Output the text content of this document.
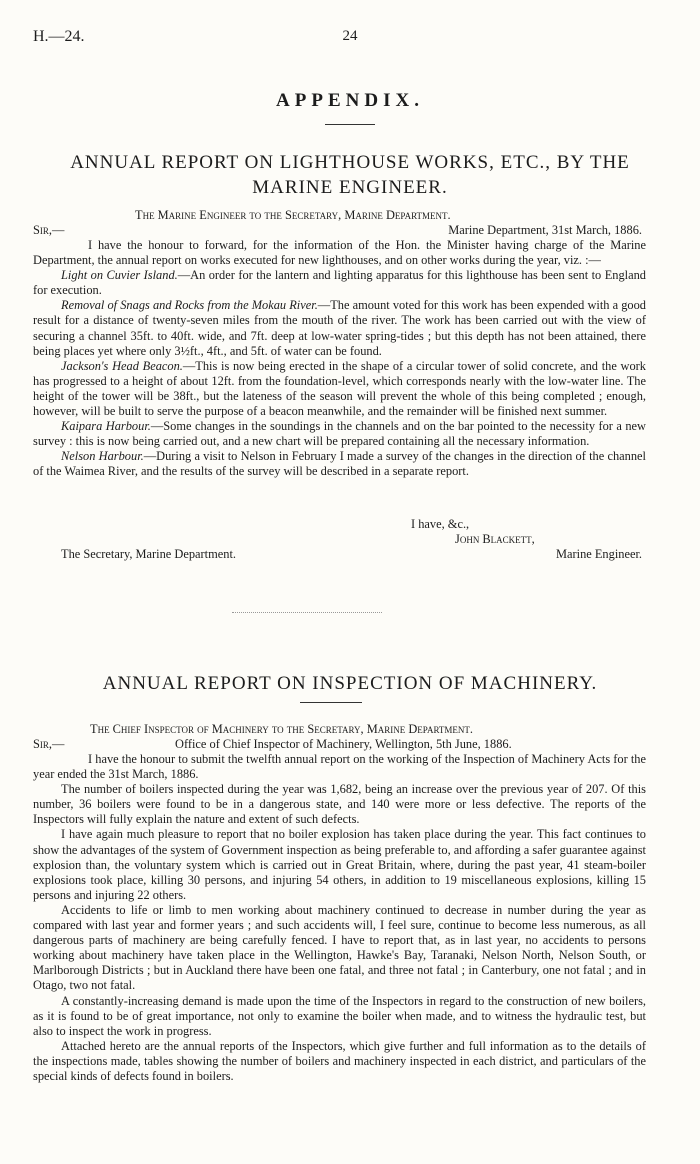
H.—24.	24
APPENDIX.
ANNUAL REPORT ON LIGHTHOUSE WORKS, ETC., BY THE
MARINE ENGINEER.
The Marine Engineer to the Secretary, Marine Department.
Sir,—	Marine Department, 31st March, 1886.

I have the honour to forward, for the information of the Hon. the Minister having charge of the Marine Department, the annual report on works executed for new lighthouses, and on other works during the year, viz. :—

Light on Cuvier Island.—An order for the lantern and lighting apparatus for this lighthouse has been sent to England for execution.

Removal of Snags and Rocks from the Mokau River.—The amount voted for this work has been expended with a good result for a distance of twenty-seven miles from the mouth of the river. The work has been carried out with the view of securing a channel 35ft. to 40ft. wide, and 7ft. deep at low-water spring-tides ; but this depth has not been attained, there being places yet where only 3½ft., 4ft., and 5ft. of water can be found.

Jackson's Head Beacon.—This is now being erected in the shape of a circular tower of solid concrete, and the work has progressed to a height of about 12ft. from the foundation-level, which corresponds nearly with the low-water line. The height of the tower will be 38ft., but the lateness of the season will prevent the whole of this being completed ; enough, however, will be built to serve the purpose of a beacon meanwhile, and the remainder will be finished next summer.

Kaipara Harbour.—Some changes in the soundings in the channels and on the bar pointed to the necessity for a new survey : this is now being carried out, and a new chart will be prepared containing all the necessary information.

Nelson Harbour.—During a visit to Nelson in February I made a survey of the changes in the direction of the channel of the Waimea River, and the results of the survey will be described in a separate report.

I have, &c.,
John Blackett,
The Secretary, Marine Department.	Marine Engineer.
ANNUAL REPORT ON INSPECTION OF MACHINERY.
The Chief Inspector of Machinery to the Secretary, Marine Department.
Sir,—	Office of Chief Inspector of Machinery, Wellington, 5th June, 1886.

I have the honour to submit the twelfth annual report on the working of the Inspection of Machinery Acts for the year ended the 31st March, 1886.

The number of boilers inspected during the year was 1,682, being an increase over the previous year of 207. Of this number, 36 boilers were found to be in a dangerous state, and 140 were more or less defective. The reports of the Inspectors will fully explain the nature and extent of such defects.

I have again much pleasure to report that no boiler explosion has taken place during the year. This fact continues to show the advantages of the system of Government inspection as being preferable to, and affording a safer guarantee against explosion than, the voluntary system which is carried out in Great Britain, where, during the past year, 41 steam-boiler explosions took place, killing 30 persons, and injuring 54 others, in addition to 19 miscellaneous explosions, killing 15 persons and injuring 22 others.

Accidents to life or limb to men working about machinery continued to decrease in number during the year as compared with last year and former years ; and such accidents will, I feel sure, continue to become less numerous, as all dangerous parts of machinery are being carefully fenced. I have to report that, as in last year, no accidents to persons working about machinery have taken place in the Wellington, Hawke's Bay, Taranaki, Nelson North, Nelson South, or Marlborough Districts ; but in Auckland there have been one fatal, and three not fatal ; in Canterbury, one not fatal ; and in Otago, two not fatal.

A constantly-increasing demand is made upon the time of the Inspectors in regard to the construction of new boilers, as it is found to be of great importance, not only to examine the boiler when made, and to witness the hydraulic test, but also to inspect the work in progress.

Attached hereto are the annual reports of the Inspectors, which give further and full information as to the details of the inspections made, tables showing the number of boilers and machinery inspected in each district, and particulars of the special kinds of defects found in boilers.
